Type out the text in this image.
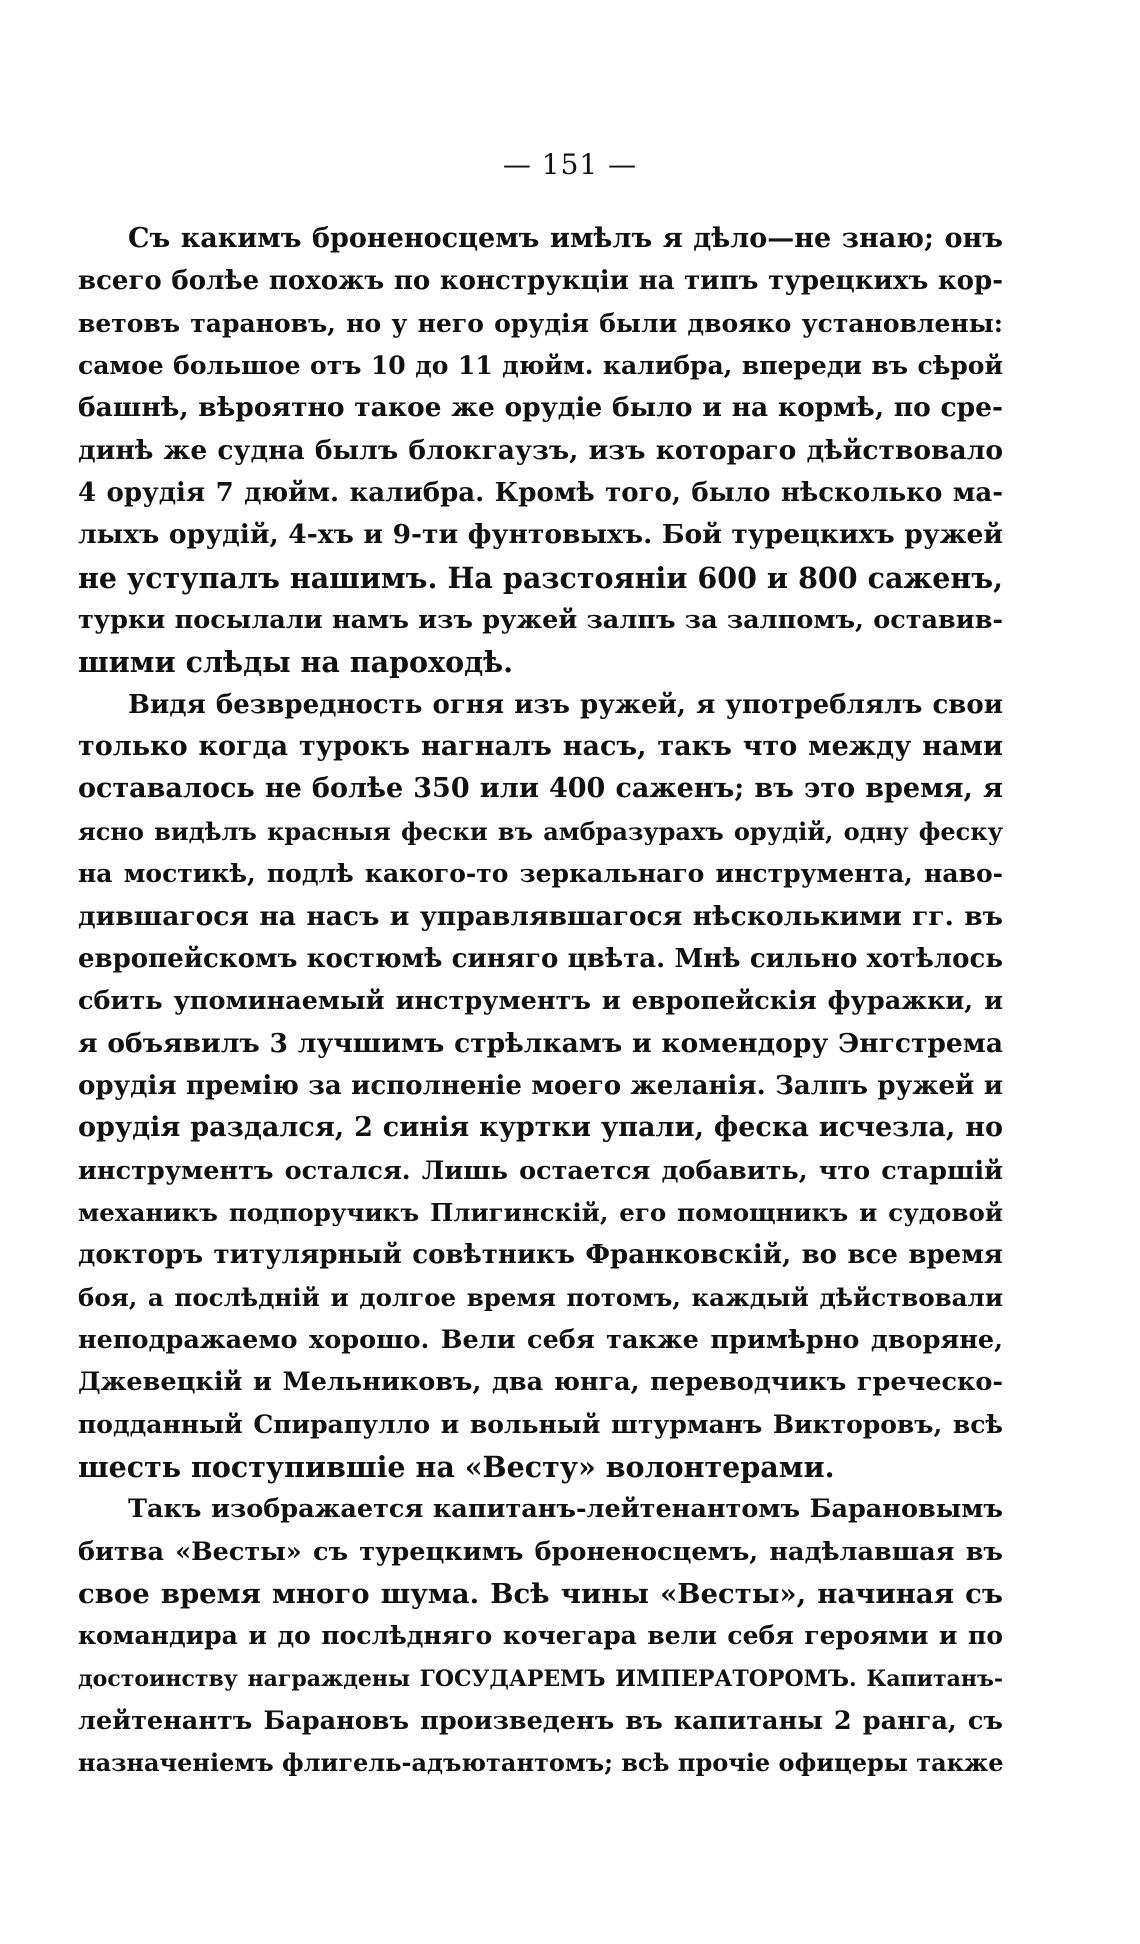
— 151 —
Съ какимъ броненосцемъ имѣлъ я дѣло—не знаю; онъ
всего болѣе похожъ по конструкціи на типъ турецкихъ кор-
ветовъ тарановъ, но у него орудія были двояко установлены:
самое большое отъ 10 до 11 дюйм. калибра, впереди въ сѣрой
башнѣ, вѣроятно такое же орудіе было и на кормѣ, по сре-
динѣ же судна былъ блокгаузъ, изъ котораго дѣйствовало
4 орудія 7 дюйм. калибра. Кромѣ того, было нѣсколько ма-
лыхъ орудій, 4-хъ и 9-ти фунтовыхъ. Бой турецкихъ ружей
не уступалъ нашимъ. На разстояніи 600 и 800 саженъ,
турки посылали намъ изъ ружей залпъ за залпомъ, оставив-
шими слѣды на пароходѣ.
Видя безвредность огня изъ ружей, я употреблялъ свои
только когда турокъ нагналъ насъ, такъ что между нами
оставалось не болѣе 350 или 400 саженъ; въ это время, я
ясно видѣлъ красныя фески въ амбразурахъ орудій, одну феску
на мостикѣ, подлѣ какого-то зеркальнаго инструмента, наво-
дившагося на насъ и управлявшагося нѣсколькими гг. въ
европейскомъ костюмѣ синяго цвѣта. Мнѣ сильно хотѣлось
сбить упоминаемый инструментъ и европейскія фуражки, и
я объявилъ 3 лучшимъ стрѣлкамъ и комендору Энгстрема
орудія премію за исполненіе моего желанія. Залпъ ружей и
орудія раздался, 2 синія куртки упали, феска исчезла, но
инструментъ остался. Лишь остается добавить, что старшій
механикъ подпоручикъ Плигинскій, его помощникъ и судовой
докторъ титулярный совѣтникъ Франковскій, во все время
боя, а послѣдній и долгое время потомъ, каждый дѣйствовали
неподражаемо хорошо. Вели себя также примѣрно дворяне,
Джевецкій и Мельниковъ, два юнга, переводчикъ греческо-
подданный Спирапулло и вольный штурманъ Викторовъ, всѣ
шесть поступившіе на «Весту» волонтерами.
Такъ изображается капитанъ-лейтенантомъ Барановымъ
битва «Весты» съ турецкимъ броненосцемъ, надѣлавшая въ
свое время много шума. Всѣ чины «Весты», начиная съ
командира и до послѣдняго кочегара вели себя героями и по
достоинству награждены ГОСУДАРЕМЪ ИМПЕРАТОРОМЪ. Капитанъ-
лейтенантъ Барановъ произведенъ въ капитаны 2 ранга, съ
назначеніемъ флигель-адъютантомъ; всѣ прочіе офицеры также
